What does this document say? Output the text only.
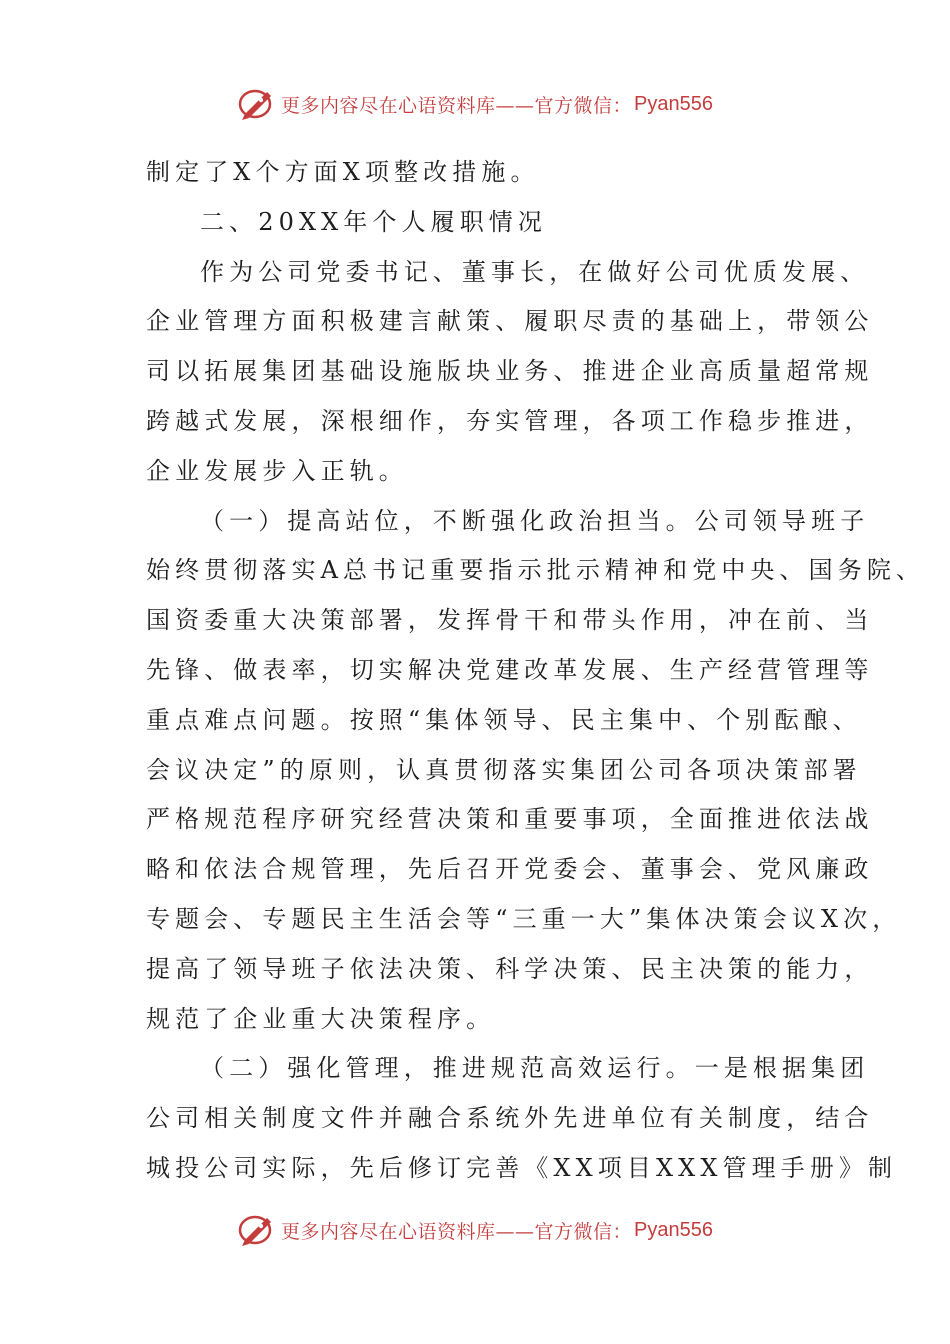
更多内容尽在心语资料库——官方微信： Pyan556
制定了X个方面X项整改措施。
二、20XX年个人履职情况
作为公司党委书记、董事长，在做好公司优质发展、
企业管理方面积极建言献策、履职尽责的基础上，带领公
司以拓展集团基础设施版块业务、推进企业高质量超常规
跨越式发展，深根细作，夯实管理，各项工作稳步推进，
企业发展步入正轨。
（一）提高站位，不断强化政治担当。公司领导班子
始终贯彻落实A总书记重要指示批示精神和党中央、国务院、
国资委重大决策部署，发挥骨干和带头作用，冲在前、当
先锋、做表率，切实解决党建改革发展、生产经营管理等
重点难点问题。按照“集体领导、民主集中、个别酝酿、
会议决定”的原则，认真贯彻落实集团公司各项决策部署
严格规范程序研究经营决策和重要事项，全面推进依法战
略和依法合规管理，先后召开党委会、董事会、党风廉政
专题会、专题民主生活会等“三重一大”集体决策会议X次，
提高了领导班子依法决策、科学决策、民主决策的能力，
规范了企业重大决策程序。
（二）强化管理，推进规范高效运行。一是根据集团
公司相关制度文件并融合系统外先进单位有关制度，结合
城投公司实际，先后修订完善《XX项目XXX管理手册》制
更多内容尽在心语资料库——官方微信： Pyan556
